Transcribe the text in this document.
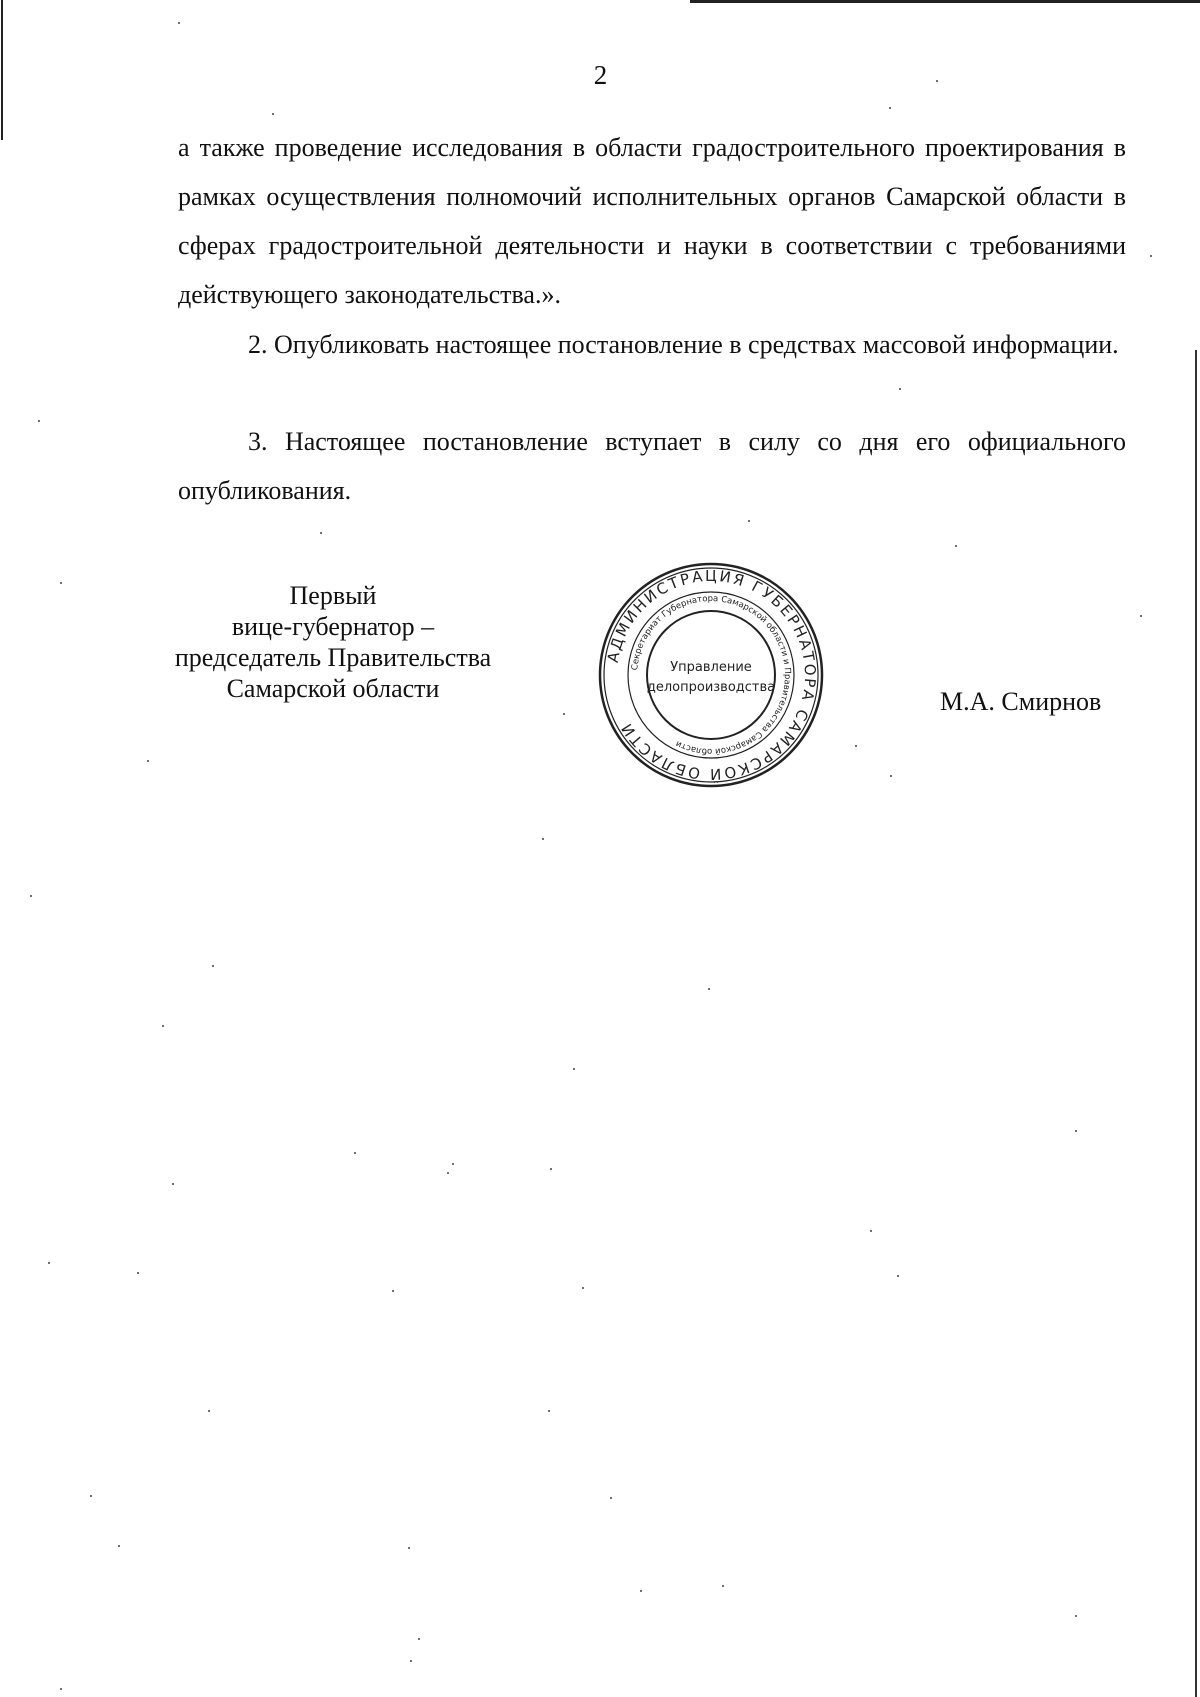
2

а также проведение исследования в области градостроительного проектирования в рамках осуществления полномочий исполнительных органов Самарской области в сферах градостроительной деятельности и науки в соответствии с требованиями действующего законодательства.».

2. Опубликовать настоящее постановление в средствах массовой информации.

3. Настоящее постановление вступает в силу со дня его официального опубликования.

Первый
вице-губернатор –
председатель Правительства
Самарской области	М.А. Смирнов
АДМИНИСТРАЦИЯ ГУБЕРНАТОРА САМАРСКОЙ ОБЛАСТИ
Секретариат Губернатора Самарской области и Правительства Самарской области
Управление
делопроизводства
